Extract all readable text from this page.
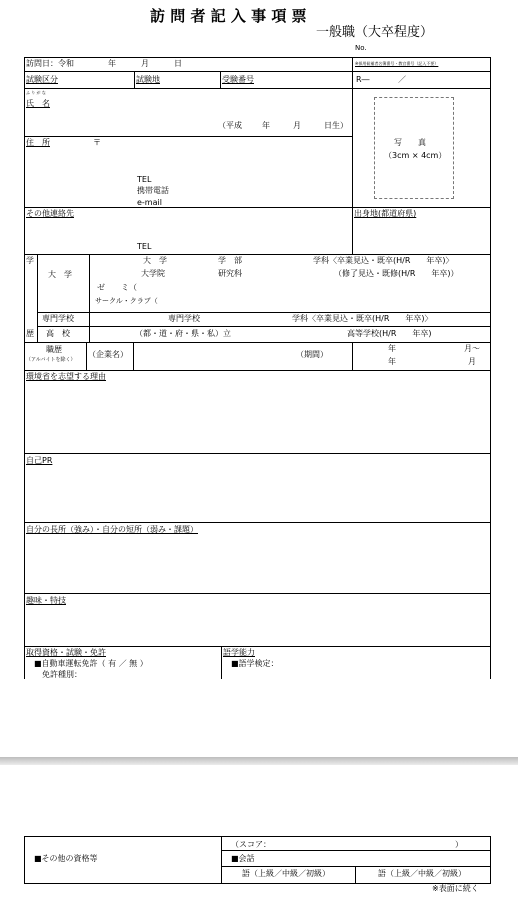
訪 問 者 記 入 事 項 票
一般職（大卒程度）
No.
訪問日：令和	年	月	日	※採用候補者名簿番号・教官番号（記入不要）
試験区分	試験地	受験番号	R―	／
ふ り が な
氏　名
（平成	年	月	日生）
写　　真
（3cm × 4cm）
住　所	〒
TEL
携帯電話
e-mail
その他連絡先	出身地(都道府県)
TEL
学
歴
大　学
大　学	学　部	学科〈卒業見込・既卒(H/R　　年卒)〉
大学院	研究科	（修了見込・既修(H/R　　年卒)）
ゼ　　ミ（
サークル・クラブ（
専門学校	専門学校	学科〈卒業見込・既卒(H/R　　年卒)〉
高　校	（都・道・府・県・私）立	高等学校(H/R　　年卒)
職歴
（アルバイトを除く）
（企業名）	（期間）
年	月～
年	月
環境省を志望する理由
自己PR
自分の長所（強み）・自分の短所（弱み・課題）
趣味・特技
取得資格・試験・免許	語学能力
■自動車運転免許（ 有 ／ 無 ）	■語学検定：
免許種別：
（スコア：	）
■その他の資格等	■会話
語（上級／中級／初級）	語（上級／中級／初級）
※表面に続く
